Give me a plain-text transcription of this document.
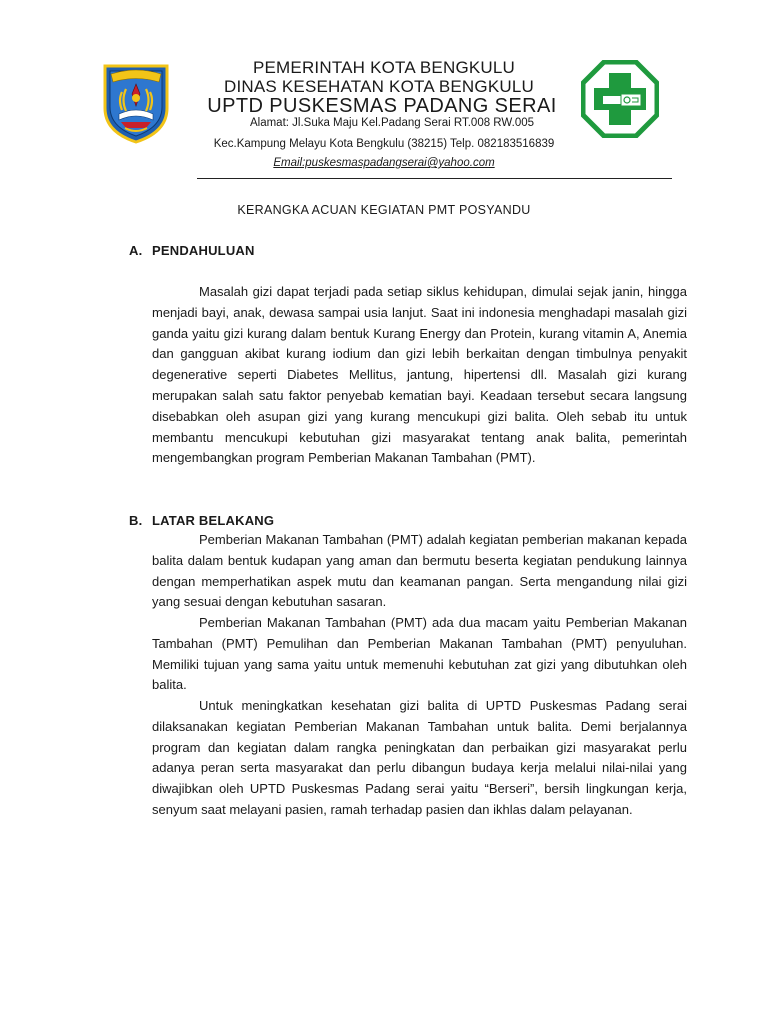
PEMERINTAH KOTA BENGKULU
DINAS KESEHATAN KOTA BENGKULU
UPTD PUSKESMAS PADANG SERAI
Alamat: Jl.Suka Maju Kel.Padang Serai RT.008 RW.005
Kec.Kampung Melayu Kota Bengkulu (38215) Telp. 082183516839
Email:puskesmaspadangserai@yahoo.com
KERANGKA ACUAN KEGIATAN PMT POSYANDU
A. PENDAHULUAN

Masalah gizi dapat terjadi pada setiap siklus kehidupan, dimulai sejak janin, hingga menjadi bayi, anak, dewasa sampai usia lanjut. Saat ini indonesia menghadapi masalah gizi ganda yaitu gizi kurang dalam bentuk Kurang Energy dan Protein, kurang vitamin A, Anemia dan gangguan akibat kurang iodium dan gizi lebih berkaitan dengan timbulnya penyakit degenerative seperti Diabetes Mellitus, jantung, hipertensi dll. Masalah gizi kurang merupakan salah satu faktor penyebab kematian bayi. Keadaan tersebut secara langsung disebabkan oleh asupan gizi yang kurang mencukupi gizi balita. Oleh sebab itu untuk membantu mencukupi kebutuhan gizi masyarakat tentang anak balita, pemerintah mengembangkan program Pemberian Makanan Tambahan (PMT).

B. LATAR BELAKANG

Pemberian Makanan Tambahan (PMT) adalah kegiatan pemberian makanan kepada balita dalam bentuk kudapan yang aman dan bermutu beserta kegiatan pendukung lainnya dengan memperhatikan aspek mutu dan keamanan pangan. Serta mengandung nilai gizi yang sesuai dengan kebutuhan sasaran.

Pemberian Makanan Tambahan (PMT) ada dua macam yaitu Pemberian Makanan Tambahan (PMT) Pemulihan dan Pemberian Makanan Tambahan (PMT) penyuluhan. Memiliki tujuan yang sama yaitu untuk memenuhi kebutuhan zat gizi yang dibutuhkan oleh balita.

Untuk meningkatkan kesehatan gizi balita di UPTD Puskesmas Padang serai dilaksanakan kegiatan Pemberian Makanan Tambahan untuk balita. Demi berjalannya program dan kegiatan dalam rangka peningkatan dan perbaikan gizi masyarakat perlu adanya peran serta masyarakat dan perlu dibangun budaya kerja melalui nilai-nilai yang diwajibkan oleh UPTD Puskesmas Padang serai yaitu “Berseri”, bersih lingkungan kerja, senyum saat melayani pasien, ramah terhadap pasien dan ikhlas dalam pelayanan.
